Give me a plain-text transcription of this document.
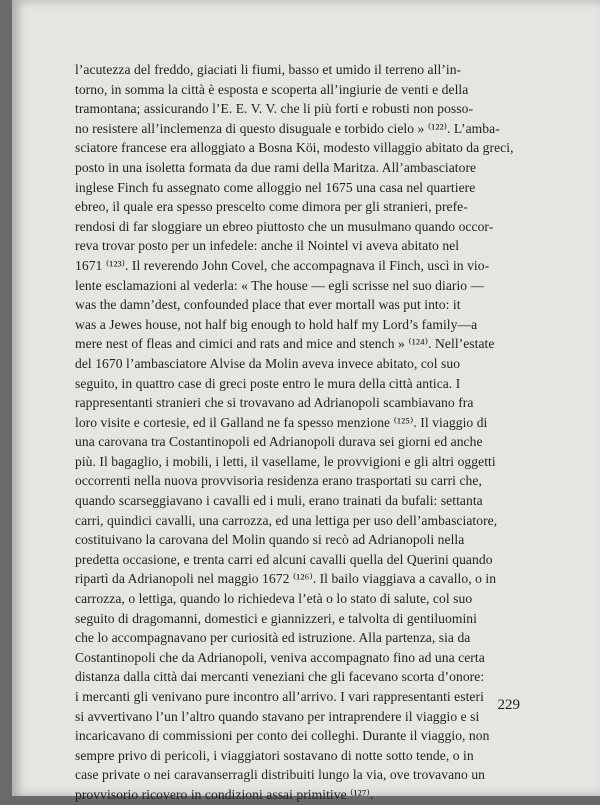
l’acutezza del freddo, giaciati li fiumi, basso et umido il terreno all’in-
torno, in somma la città è esposta e scoperta all’ingiurie de venti e della
tramontana; assicurando l’E. E. V. V. che li più forti e robusti non posso-
no resistere all’inclemenza di questo disuguale e torbido cielo » ⁽¹²²⁾. L’amba-
sciatore francese era alloggiato a Bosna Köi, modesto villaggio abitato da greci,
posto in una isoletta formata da due rami della Maritza. All’ambasciatore
inglese Finch fu assegnato come alloggio nel 1675 una casa nel quartiere
ebreo, il quale era spesso prescelto come dimora per gli stranieri, prefe-
rendosi di far sloggiare un ebreo piuttosto che un musulmano quando occor-
reva trovar posto per un infedele: anche il Nointel vi aveva abitato nel
1671 ⁽¹²³⁾. Il reverendo John Covel, che accompagnava il Finch, uscì in vio-
lente esclamazioni al vederla: « The house — egli scrisse nel suo diario —
was the damn’dest, confounded place that ever mortall was put into: it
was a Jewes house, not half big enough to hold half my Lord’s family—a
mere nest of fleas and cimici and rats and mice and stench » ⁽¹²⁴⁾. Nell’estate
del 1670 l’ambasciatore Alvise da Molin aveva invece abitato, col suo
seguito, in quattro case di greci poste entro le mura della città antica. I
rappresentanti stranieri che si trovavano ad Adrianopoli scambiavano fra
loro visite e cortesie, ed il Galland ne fa spesso menzione ⁽¹²⁵⁾. Il viaggio di
una carovana tra Costantinopoli ed Adrianopoli durava sei giorni ed anche
più. Il bagaglio, i mobili, i letti, il vasellame, le provvigioni e gli altri oggetti
occorrenti nella nuova provvisoria residenza erano trasportati su carri che,
quando scarseggiavano i cavalli ed i muli, erano trainati da bufali: settanta
carri, quindici cavalli, una carrozza, ed una lettiga per uso dell’ambasciatore,
costituivano la carovana del Molin quando si recò ad Adrianopoli nella
predetta occasione, e trenta carri ed alcuni cavalli quella del Querini quando
ripartì da Adrianopoli nel maggio 1672 ⁽¹²⁶⁾. Il bailo viaggiava a cavallo, o in
carrozza, o lettiga, quando lo richiedeva l’età o lo stato di salute, col suo
seguito di dragomanni, domestici e giannizzeri, e talvolta di gentiluomini
che lo accompagnavano per curiosità ed istruzione. Alla partenza, sia da
Costantinopoli che da Adrianopoli, veniva accompagnato fino ad una certa
distanza dalla città dai mercanti veneziani che gli facevano scorta d’onore:
i mercanti gli venivano pure incontro all’arrivo. I vari rappresentanti esteri
si avvertivano l’un l’altro quando stavano per intraprendere il viaggio e si
incaricavano di commissioni per conto dei colleghi. Durante il viaggio, non
sempre privo di pericoli, i viaggiatori sostavano di notte sotto tende, o in
case private o nei caravanserragli distribuiti lungo la via, ove trovavano un
provvisorio ricovero in condizioni assai primitive ⁽¹²⁷⁾.
229
